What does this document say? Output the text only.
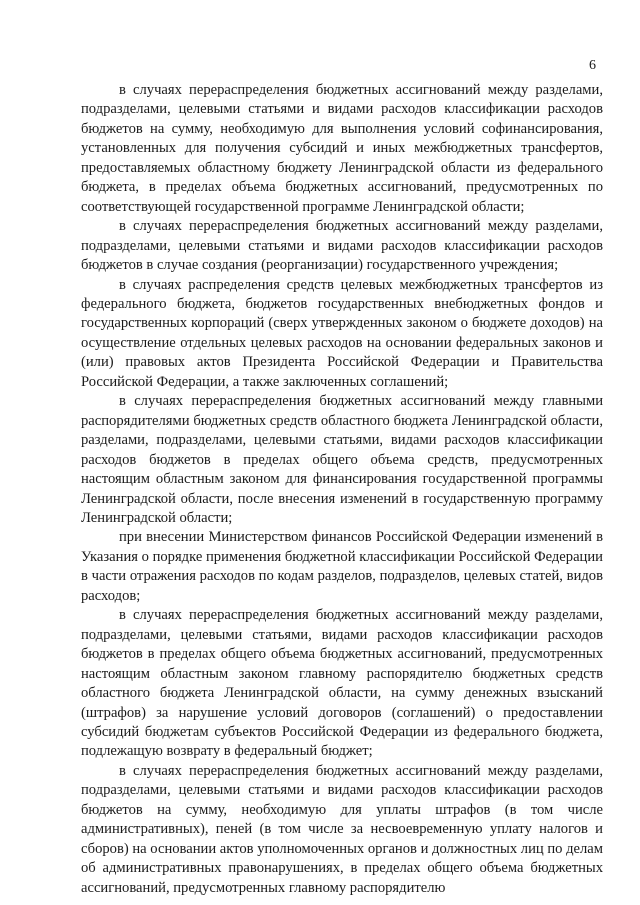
6

в случаях перераспределения бюджетных ассигнований между разделами, подразделами, целевыми статьями и видами расходов классификации расходов бюджетов на сумму, необходимую для выполнения условий софинансирования, установленных для получения субсидий и иных межбюджетных трансфертов, предоставляемых областному бюджету Ленинградской области из федерального бюджета, в пределах объема бюджетных ассигнований, предусмотренных по соответствующей государственной программе Ленинградской области;

в случаях перераспределения бюджетных ассигнований между разделами, подразделами, целевыми статьями и видами расходов классификации расходов бюджетов в случае создания (реорганизации) государственного учреждения;

в случаях распределения средств целевых межбюджетных трансфертов из федерального бюджета, бюджетов государственных внебюджетных фондов и государственных корпораций (сверх утвержденных законом о бюджете доходов) на осуществление отдельных целевых расходов на основании федеральных законов и (или) правовых актов Президента Российской Федерации и Правительства Российской Федерации, а также заключенных соглашений;

в случаях перераспределения бюджетных ассигнований между главными распорядителями бюджетных средств областного бюджета Ленинградской области, разделами, подразделами, целевыми статьями, видами расходов классификации расходов бюджетов в пределах общего объема средств, предусмотренных настоящим областным законом для финансирования государственной программы Ленинградской области, после внесения изменений в государственную программу Ленинградской области;

при внесении Министерством финансов Российской Федерации изменений в Указания о порядке применения бюджетной классификации Российской Федерации в части отражения расходов по кодам разделов, подразделов, целевых статей, видов расходов;

в случаях перераспределения бюджетных ассигнований между разделами, подразделами, целевыми статьями, видами расходов классификации расходов бюджетов в пределах общего объема бюджетных ассигнований, предусмотренных настоящим областным законом главному распорядителю бюджетных средств областного бюджета Ленинградской области, на сумму денежных взысканий (штрафов) за нарушение условий договоров (соглашений) о предоставлении субсидий бюджетам субъектов Российской Федерации из федерального бюджета, подлежащую возврату в федеральный бюджет;

в случаях перераспределения бюджетных ассигнований между разделами, подразделами, целевыми статьями и видами расходов классификации расходов бюджетов на сумму, необходимую для уплаты штрафов (в том числе административных), пеней (в том числе за несвоевременную уплату налогов и сборов) на основании актов уполномоченных органов и должностных лиц по делам об административных правонарушениях, в пределах общего объема бюджетных ассигнований, предусмотренных главному распорядителю
